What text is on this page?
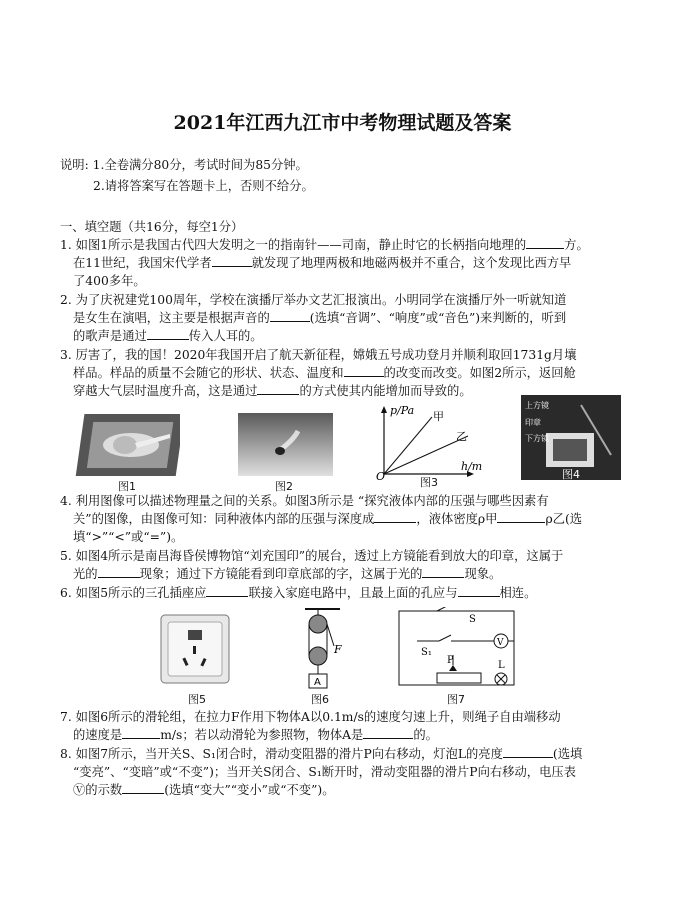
2021年江西九江市中考物理试题及答案
说明: 1.全卷满分80分，考试时间为85分钟。
2.请将答案写在答题卡上，否则不给分。
一、填空题（共16分，每空1分）
1. 如图1所示是我国古代四大发明之一的指南针——司南，静止时它的长柄指向地理的	方。
在11世纪，我国宋代学者	就发现了地理两极和地磁两极并不重合，这个发现比西方早
了400多年。
2. 为了庆祝建党100周年，学校在演播厅举办文艺汇报演出。小明同学在演播厅外一听就知道
是女生在演唱，这主要是根据声音的	(选填“音调”、“响度”或“音色”)来判断的，听到
的歌声是通过	传入人耳的。
3. 厉害了，我的国！2020年我国开启了航天新征程，嫦娥五号成功登月并顺利取回1731g月壤
样品。样品的质量不会随它的形状、状态、温度和	的改变而改变。如图2所示，返回舱
穿越大气层时温度升高，这是通过	的方式使其内能增加而导致的。
O
p/Pa
h/m
甲
乙
上方镜
印章
下方镜
图1	图2	图3
图4
4. 利用图像可以描述物理量之间的关系。如图3所示是 “探究液体内部的压强与哪些因素有
关”的图像，由图像可知：同种液体内部的压强与深度成	，液体密度ρ甲	ρ乙(选
填“>”“<”或“=”)。
5. 如图4所示是南昌海昏侯博物馆“刘充国印”的展台，透过上方镜能看到放大的印章，这属于
光的	现象；通过下方镜能看到印章底部的字，这属于光的	现象。
6. 如图5所示的三孔插座应	联接入家庭电路中，且最上面的孔应与	相连。
F
A
S
S₁
P	L
V
图5	图6	图7
7. 如图6所示的滑轮组，在拉力F作用下物体A以0.1m/s的速度匀速上升，则绳子自由端移动
的速度是	m/s；若以动滑轮为参照物，物体A是	的。
8. 如图7所示，当开关S、S₁闭合时，滑动变阻器的滑片P向右移动，灯泡L的亮度	(选填
“变亮”、“变暗”或“不变”)；当开关S闭合、S₁断开时，滑动变阻器的滑片P向右移动，电压表
Ⓥ的示数	(选填“变大”“变小”或“不变”)。
